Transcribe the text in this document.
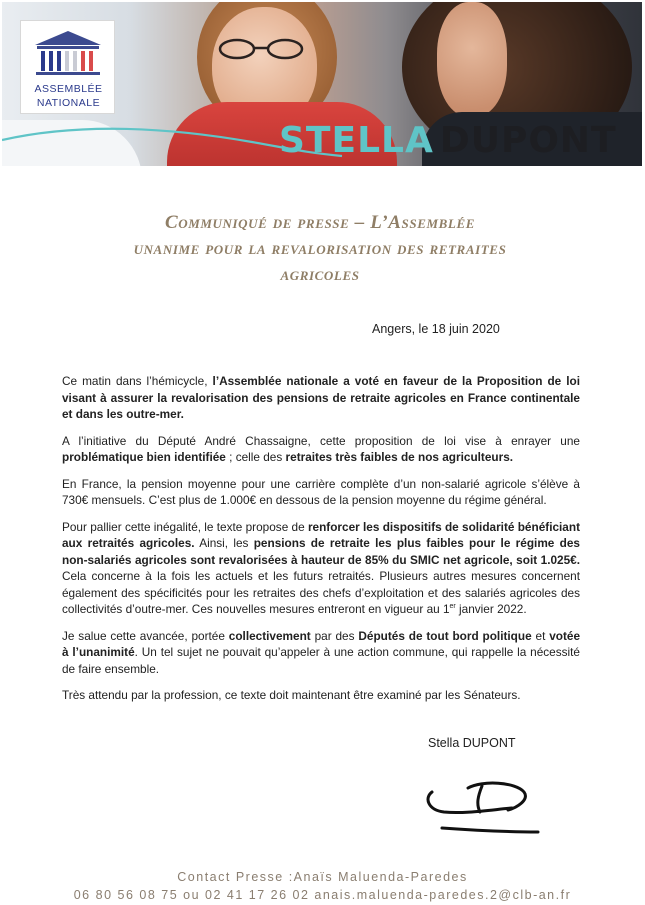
STELLA DUPONT
ASSEMBLÉE
NATIONALE
Communiqué de presse – L’Assemblée
unanime pour la revalorisation des retraites
agricoles
Angers, le 18 juin 2020

Ce matin dans l’hémicycle, l’Assemblée nationale a voté en faveur de la Proposition de loi visant à assurer la revalorisation des pensions de retraite agricoles en France continentale et dans les outre-mer.

A l’initiative du Député André Chassaigne, cette proposition de loi vise à enrayer une problématique bien identifiée ; celle des retraites très faibles de nos agriculteurs.

En France, la pension moyenne pour une carrière complète d’un non-salarié agricole s’élève à 730€ mensuels. C’est plus de 1.000€ en dessous de la pension moyenne du régime général.

Pour pallier cette inégalité, le texte propose de renforcer les dispositifs de solidarité bénéficiant aux retraités agricoles. Ainsi, les pensions de retraite les plus faibles pour le régime des non-salariés agricoles sont revalorisées à hauteur de 85% du SMIC net agricole, soit 1.025€. Cela concerne à la fois les actuels et les futurs retraités. Plusieurs autres mesures concernent également des spécificités pour les retraites des chefs d’exploitation et des salariés agricoles des collectivités d’outre-mer. Ces nouvelles mesures entreront en vigueur au 1er janvier 2022.

Je salue cette avancée, portée collectivement par des Députés de tout bord politique et votée à l’unanimité. Un tel sujet ne pouvait qu’appeler à une action commune, qui rappelle la nécessité de faire ensemble.

Très attendu par la profession, ce texte doit maintenant être examiné par les Sénateurs.

Stella DUPONT
Contact Presse :Anaïs Maluenda-Paredes
06 80 56 08 75 ou 02 41 17 26 02 anais.maluenda-paredes.2@clb-an.fr
